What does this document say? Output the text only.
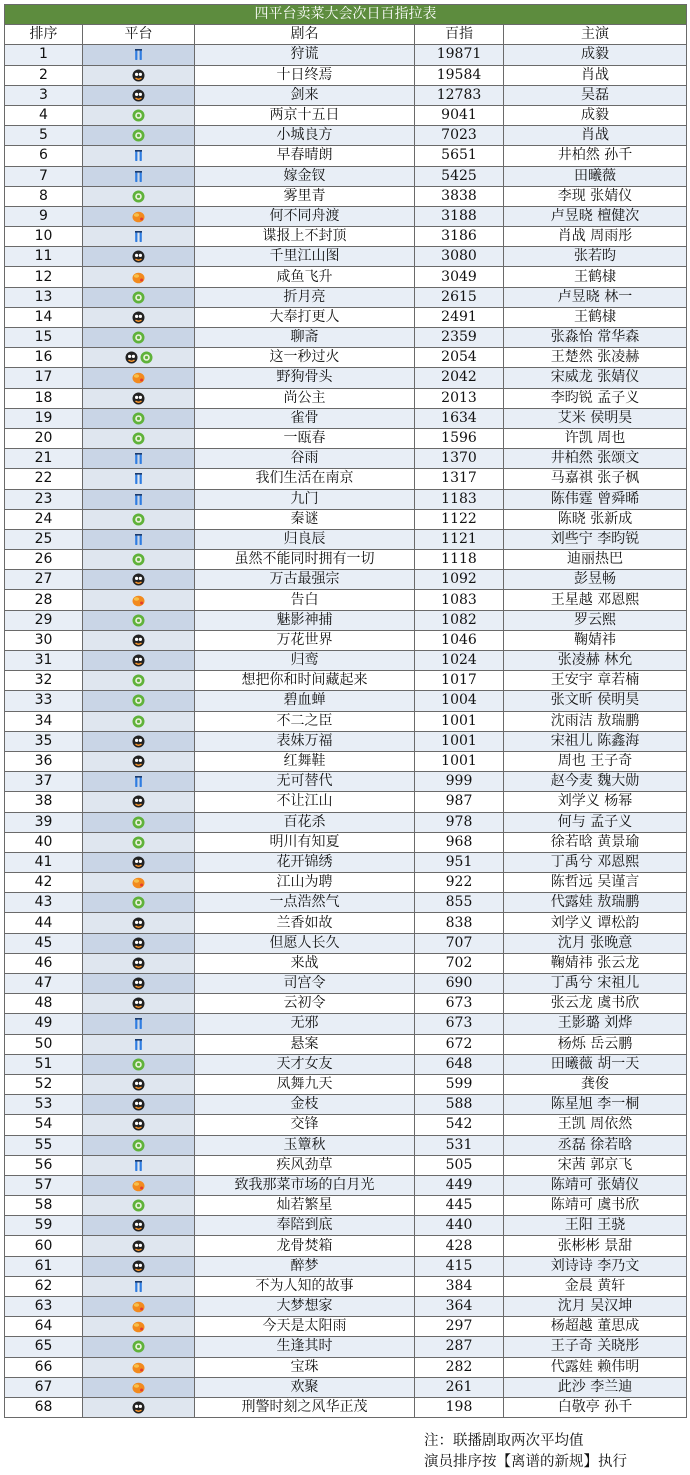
四平台卖菜大会次日百指拉表				
排序	平台	剧名	百指	主演
1		狩谎	19871	成毅
2		十日终焉	19584	肖战
3		剑来	12783	吴磊
4		两京十五日	9041	成毅
5		小城良方	7023	肖战
6		早春晴朗	5651	井柏然 孙千
7		嫁金钗	5425	田曦薇
8		雾里青	3838	李现 张婧仪
9		何不同舟渡	3188	卢昱晓 檀健次
10		谍报上不封顶	3186	肖战 周雨彤
11		千里江山图	3080	张若昀
12		咸鱼飞升	3049	王鹤棣
13		折月亮	2615	卢昱晓 林一
14		大奉打更人	2491	王鹤棣
15		聊斋	2359	张淼怡 常华森
16		这一秒过火	2054	王楚然 张凌赫
17		野狗骨头	2042	宋威龙 张婧仪
18		尚公主	2013	李昀锐 孟子义
19		雀骨	1634	艾米 侯明昊
20		一瓯春	1596	许凯 周也
21		谷雨	1370	井柏然 张颂文
22		我们生活在南京	1317	马嘉祺 张子枫
23		九门	1183	陈伟霆 曾舜晞
24		秦谜	1122	陈晓 张新成
25		归良辰	1121	刘些宁 李昀锐
26		虽然不能同时拥有一切	1118	迪丽热巴
27		万古最强宗	1092	彭昱畅
28		告白	1083	王星越 邓恩熙
29		魅影神捕	1082	罗云熙
30		万花世界	1046	鞠婧祎
31		归鸾	1024	张凌赫 林允
32		想把你和时间藏起来	1017	王安宇 章若楠
33		碧血蝉	1004	张文昕 侯明昊
34		不二之臣	1001	沈雨洁 敖瑞鹏
35		表妹万福	1001	宋祖儿 陈鑫海
36		红舞鞋	1001	周也 王子奇
37		无可替代	999	赵今麦 魏大勋
38		不让江山	987	刘学义 杨幂
39		百花杀	978	何与 孟子义
40		明川有知夏	968	徐若晗 黄景瑜
41		花开锦绣	951	丁禹兮 邓恩熙
42		江山为聘	922	陈哲远 吴谨言
43		一点浩然气	855	代露娃 敖瑞鹏
44		兰香如故	838	刘学义 谭松韵
45		但愿人长久	707	沈月 张晚意
46		来战	702	鞠婧祎 张云龙
47		司宫令	690	丁禹兮 宋祖儿
48		云初令	673	张云龙 虞书欣
49		无邪	673	王影璐 刘烨
50		悬案	672	杨烁 岳云鹏
51		天才女友	648	田曦薇 胡一天
52		凤舞九天	599	龚俊
53		金枝	588	陈星旭 李一桐
54		交锋	542	王凯 周依然
55		玉簟秋	531	丞磊 徐若晗
56		疾风劲草	505	宋茜 郭京飞
57		致我那菜市场的白月光	449	陈靖可 张婧仪
58		灿若繁星	445	陈靖可 虞书欣
59		奉陪到底	440	王阳 王骁
60		龙骨焚箱	428	张彬彬 景甜
61		醉梦	415	刘诗诗 李乃文
62		不为人知的故事	384	金晨 黄轩
63		大梦想家	364	沈月 吴汉坤
64		今天是太阳雨	297	杨超越 董思成
65		生逢其时	287	王子奇 关晓彤
66		宝珠	282	代露娃 赖伟明
67		欢聚	261	此沙 李兰迪
68		刑警时刻之风华正茂	198	白敬亭 孙千
注：联播剧取两次平均值
演员排序按【离谱的新规】执行
